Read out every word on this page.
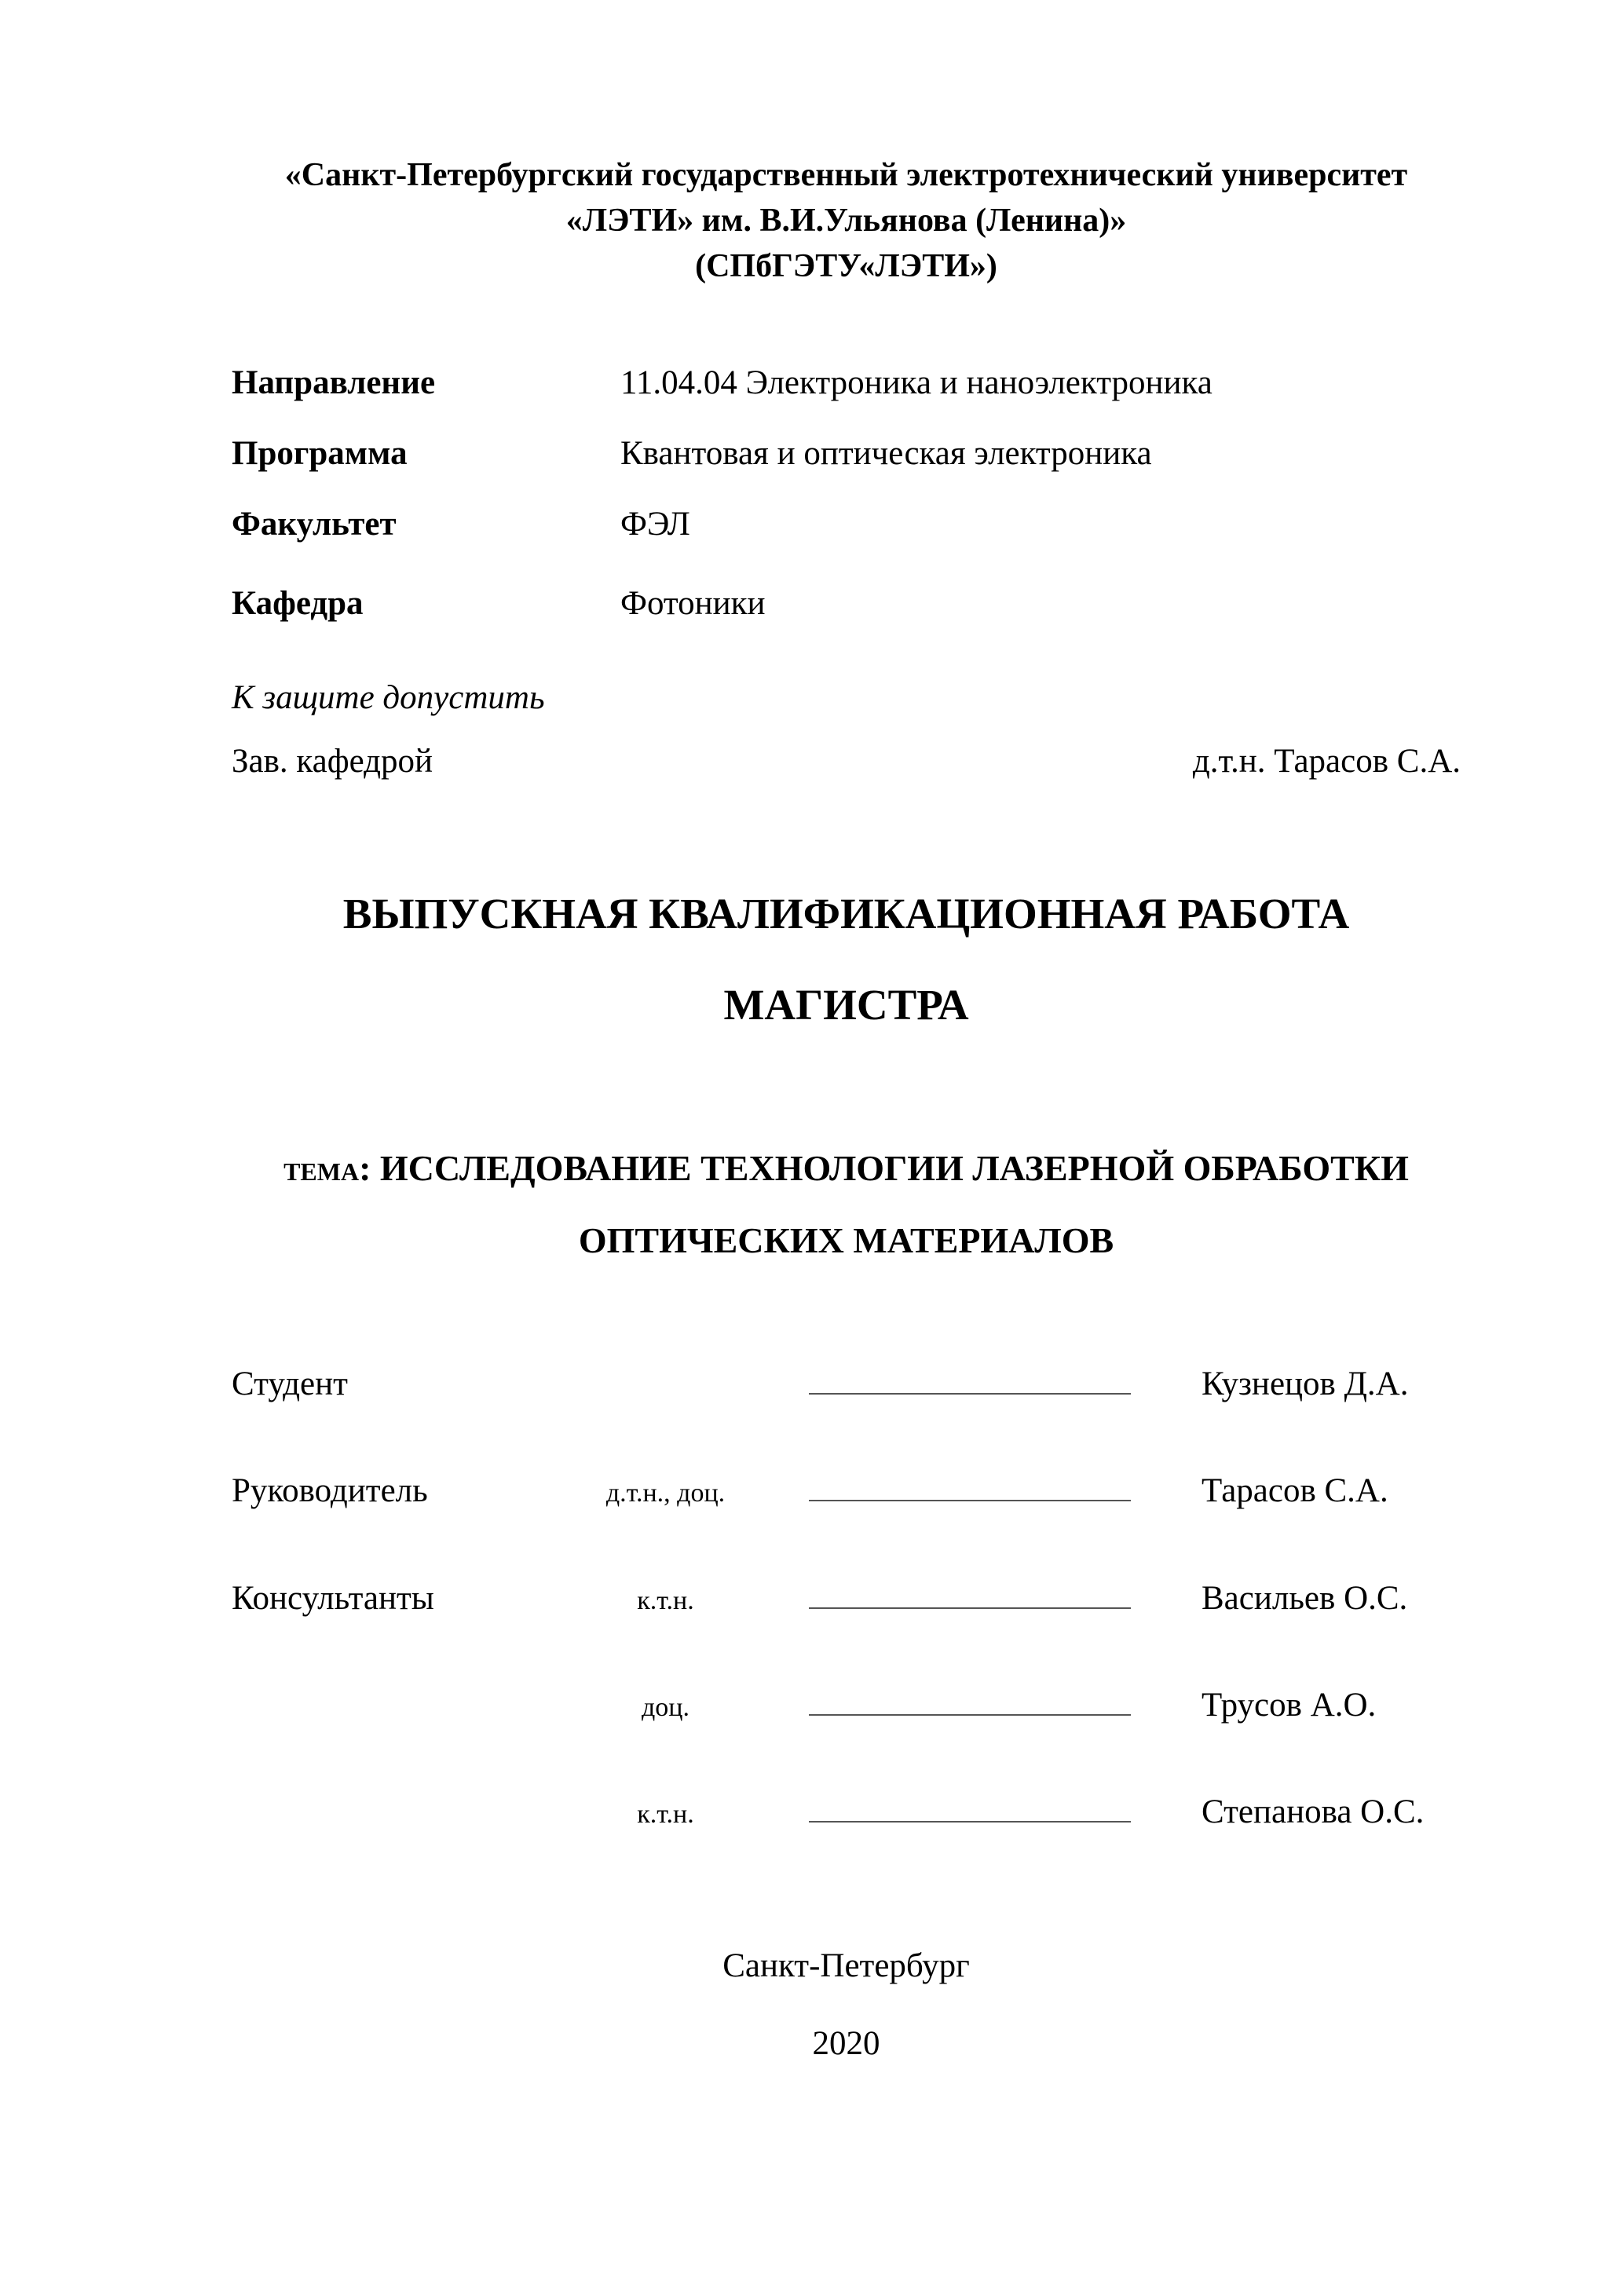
«Санкт-Петербургский государственный электротехнический университет
«ЛЭТИ» им. В.И.Ульянова (Ленина)»
(СПбГЭТУ«ЛЭТИ»)
Направление	11.04.04 Электроника и наноэлектроника
Программа	Квантовая и оптическая электроника
Факультет	ФЭЛ
Кафедра	Фотоники
К защите допустить
Зав. кафедрой	д.т.н. Тарасов С.А.
ВЫПУСКНАЯ КВАЛИФИКАЦИОННАЯ РАБОТА
МАГИСТРА
тема: ИССЛЕДОВАНИЕ ТЕХНОЛОГИИ ЛАЗЕРНОЙ ОБРАБОТКИ
ОПТИЧЕСКИХ МАТЕРИАЛОВ
Студент	Кузнецов Д.А.
Руководитель	д.т.н., доц.	Тарасов С.А.
Консультанты	к.т.н.	Васильев О.С.
доц.	Трусов А.О.
к.т.н.	Степанова О.С.
Санкт-Петербург
2020
